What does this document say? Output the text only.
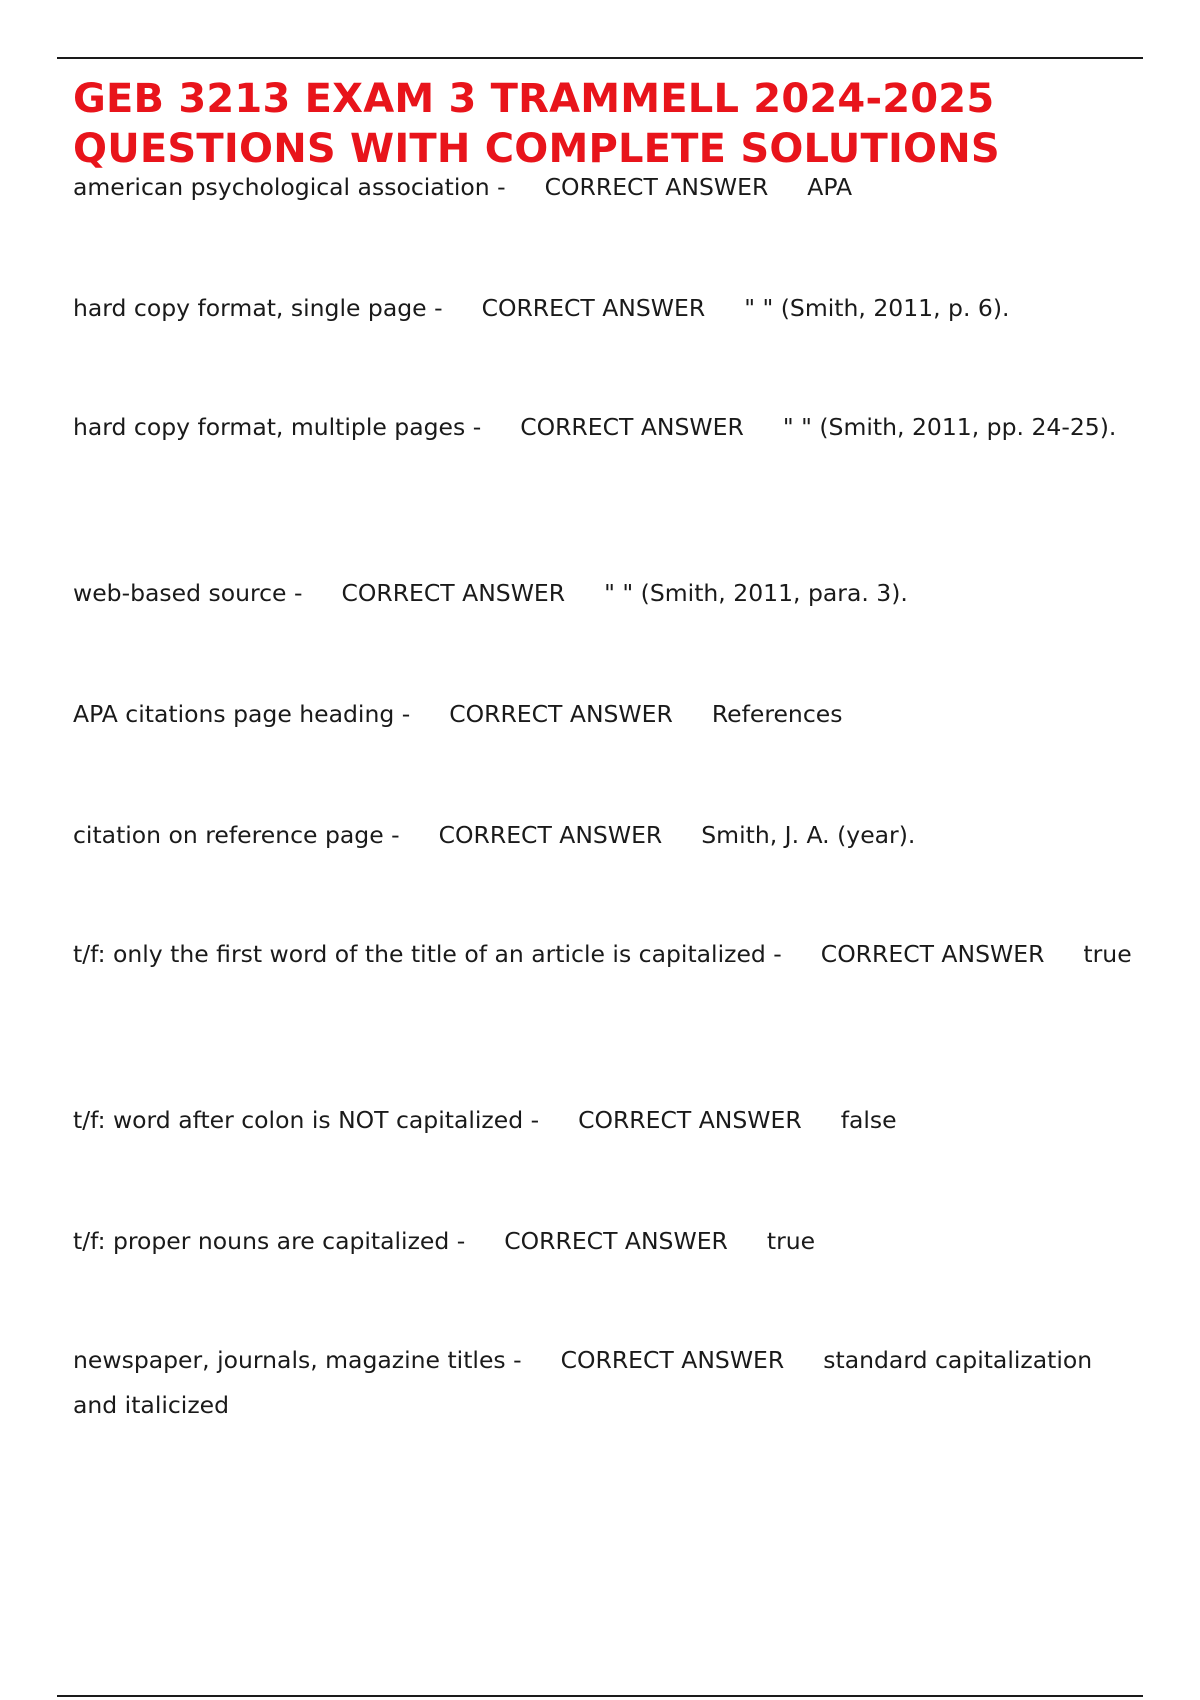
GEB 3213 EXAM 3 TRAMMELL 2024-2025
QUESTIONS WITH COMPLETE SOLUTIONS

american psychological association - CORRECT ANSWER APA

hard copy format, single page - CORRECT ANSWER " " (Smith, 2011, p. 6).

hard copy format, multiple pages - CORRECT ANSWER " " (Smith, 2011, pp. 24-25).

web-based source - CORRECT ANSWER " " (Smith, 2011, para. 3).

APA citations page heading - CORRECT ANSWER References

citation on reference page - CORRECT ANSWER Smith, J. A. (year).

t/f: only the first word of the title of an article is capitalized - CORRECT ANSWER true

t/f: word after colon is NOT capitalized - CORRECT ANSWER false

t/f: proper nouns are capitalized - CORRECT ANSWER true

newspaper, journals, magazine titles - CORRECT ANSWER standard capitalization and italicized
